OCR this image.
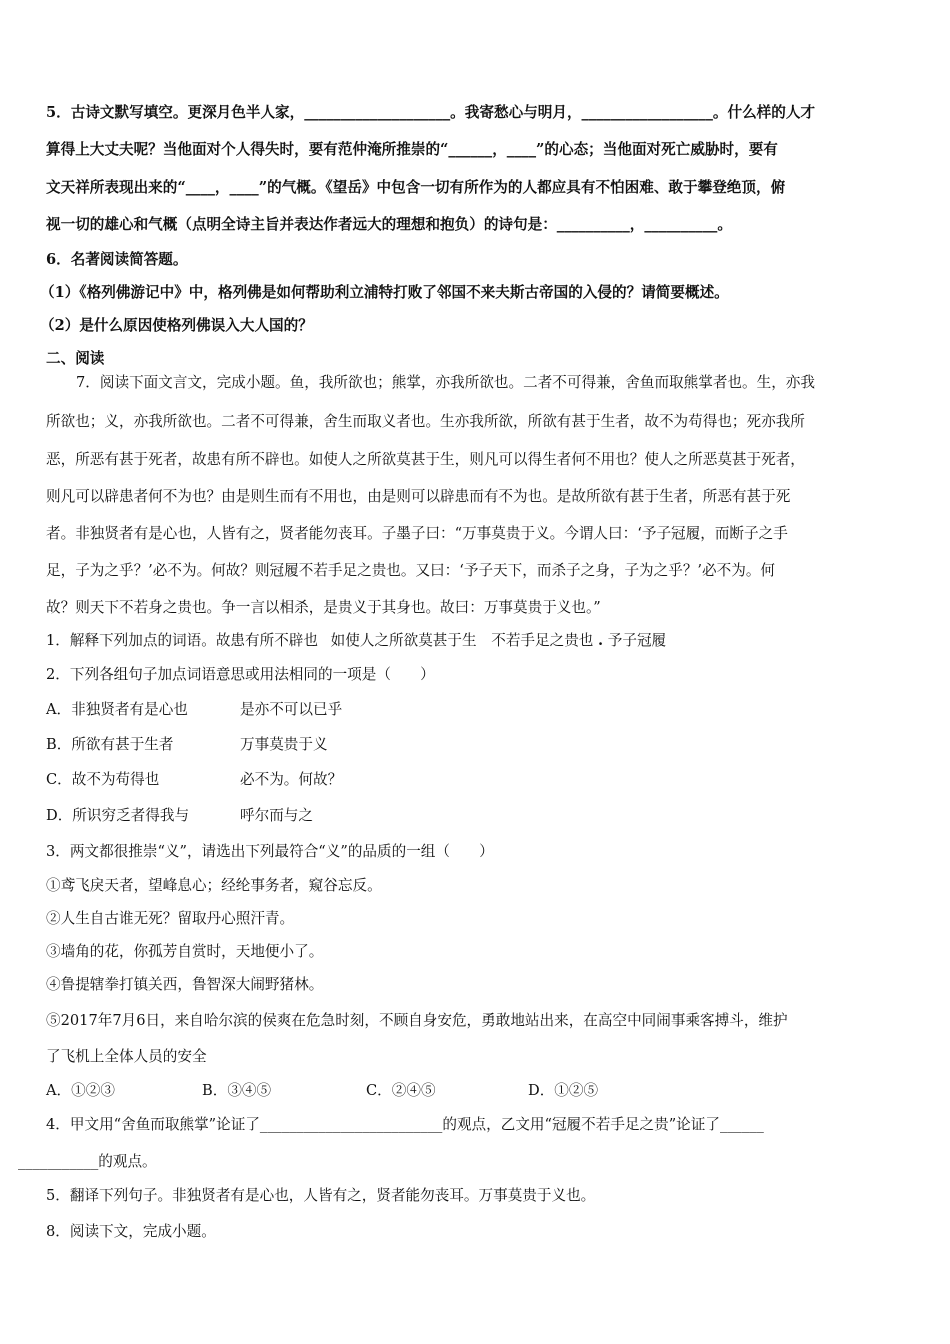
5．古诗文默写填空。更深月色半人家，____________________。我寄愁心与明月，__________________。什么样的人才
算得上大丈夫呢？当他面对个人得失时，要有范仲淹所推崇的“______，____”的心态；当他面对死亡威胁时，要有
文天祥所表现出来的“____，____”的气概。《望岳》中包含一切有所作为的人都应具有不怕困难、敢于攀登绝顶，俯
视一切的雄心和气概（点明全诗主旨并表达作者远大的理想和抱负）的诗句是：__________，__________。
6．名著阅读简答题。
（1）《格列佛游记中》中，格列佛是如何帮助利立浦特打败了邻国不来夫斯古帝国的入侵的？请简要概述。
（2）是什么原因使格列佛误入大人国的？
二、阅读
7．阅读下面文言文，完成小题。鱼，我所欲也；熊掌，亦我所欲也。二者不可得兼，舍鱼而取熊掌者也。生，亦我
所欲也；义，亦我所欲也。二者不可得兼，舍生而取义者也。生亦我所欲，所欲有甚于生者，故不为苟得也；死亦我所
恶，所恶有甚于死者，故患有所不辟也。如使人之所欲莫甚于生，则凡可以得生者何不用也？使人之所恶莫甚于死者，
则凡可以辟患者何不为也？由是则生而有不用也，由是则可以辟患而有不为也。是故所欲有甚于生者，所恶有甚于死
者。非独贤者有是心也，人皆有之，贤者能勿丧耳。子墨子曰：“万事莫贵于义。今谓人曰：‘予子冠履，而断子之手
足，子为之乎？’必不为。何故？则冠履不若手足之贵也。又曰：‘予子天下，而杀子之身，子为之乎？’必不为。何
故？则天下不若身之贵也。争一言以相杀，是贵义于其身也。故曰：万事莫贵于义也。”
1．解释下列加点的词语。故患有所不辟也 如使人之所欲莫甚于生 不若手足之贵也 . 予子冠履
2．下列各组句子加点词语意思或用法相同的一项是（　　）
A．非独贤者有是心也	是亦不可以已乎
B．所欲有甚于生者	万事莫贵于义
C．故不为苟得也	必不为。何故？
D．所识穷乏者得我与	呼尔而与之
3．两文都很推崇“义”，请选出下列最符合“义”的品质的一组（　　）
①鸢飞戾天者，望峰息心；经纶事务者，窥谷忘反。
②人生自古谁无死？留取丹心照汗青。
③墙角的花，你孤芳自赏时，天地便小了。
④鲁提辖拳打镇关西，鲁智深大闹野猪林。
⑤2017年7月6日，来自哈尔滨的侯爽在危急时刻，不顾自身安危，勇敢地站出来，在高空中同闹事乘客搏斗，维护
了飞机上全体人员的安全
A．①②③	B．③④⑤	C．②④⑤	D．①②⑤
4．甲文用“舍鱼而取熊掌”论证了_________________________的观点，乙文用“冠履不若手足之贵”论证了______
___________的观点。
5．翻译下列句子。非独贤者有是心也，人皆有之，贤者能勿丧耳。万事莫贵于义也。
8．阅读下文，完成小题。
